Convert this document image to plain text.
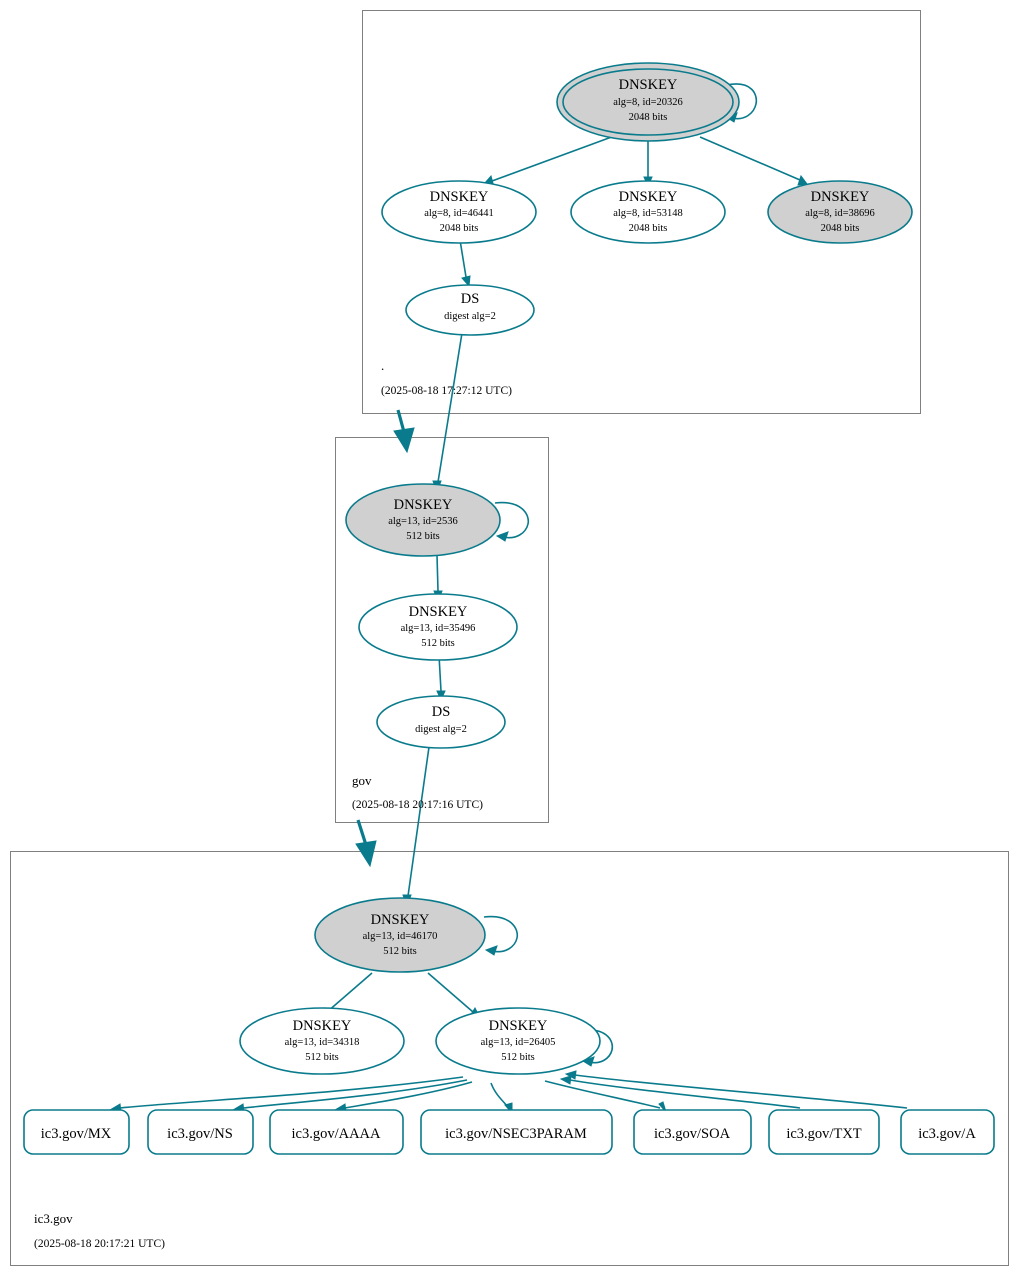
DNSKEY
alg=8, id=20326
2048 bits
DNSKEY
alg=8, id=46441
2048 bits
DNSKEY
alg=8, id=53148
2048 bits
DNSKEY
alg=8, id=38696
2048 bits
DS
digest alg=2
.
(2025-08-18 17:27:12 UTC)
DNSKEY
alg=13, id=2536
512 bits
DNSKEY
alg=13, id=35496
512 bits
DS
digest alg=2
gov
(2025-08-18 20:17:16 UTC)
DNSKEY
alg=13, id=46170
512 bits
DNSKEY
alg=13, id=34318
512 bits
DNSKEY
alg=13, id=26405
512 bits
ic3.gov/MX	ic3.gov/NS	ic3.gov/AAAA	ic3.gov/NSEC3PARAM	ic3.gov/SOA	ic3.gov/TXT	ic3.gov/A
ic3.gov
(2025-08-18 20:17:21 UTC)
